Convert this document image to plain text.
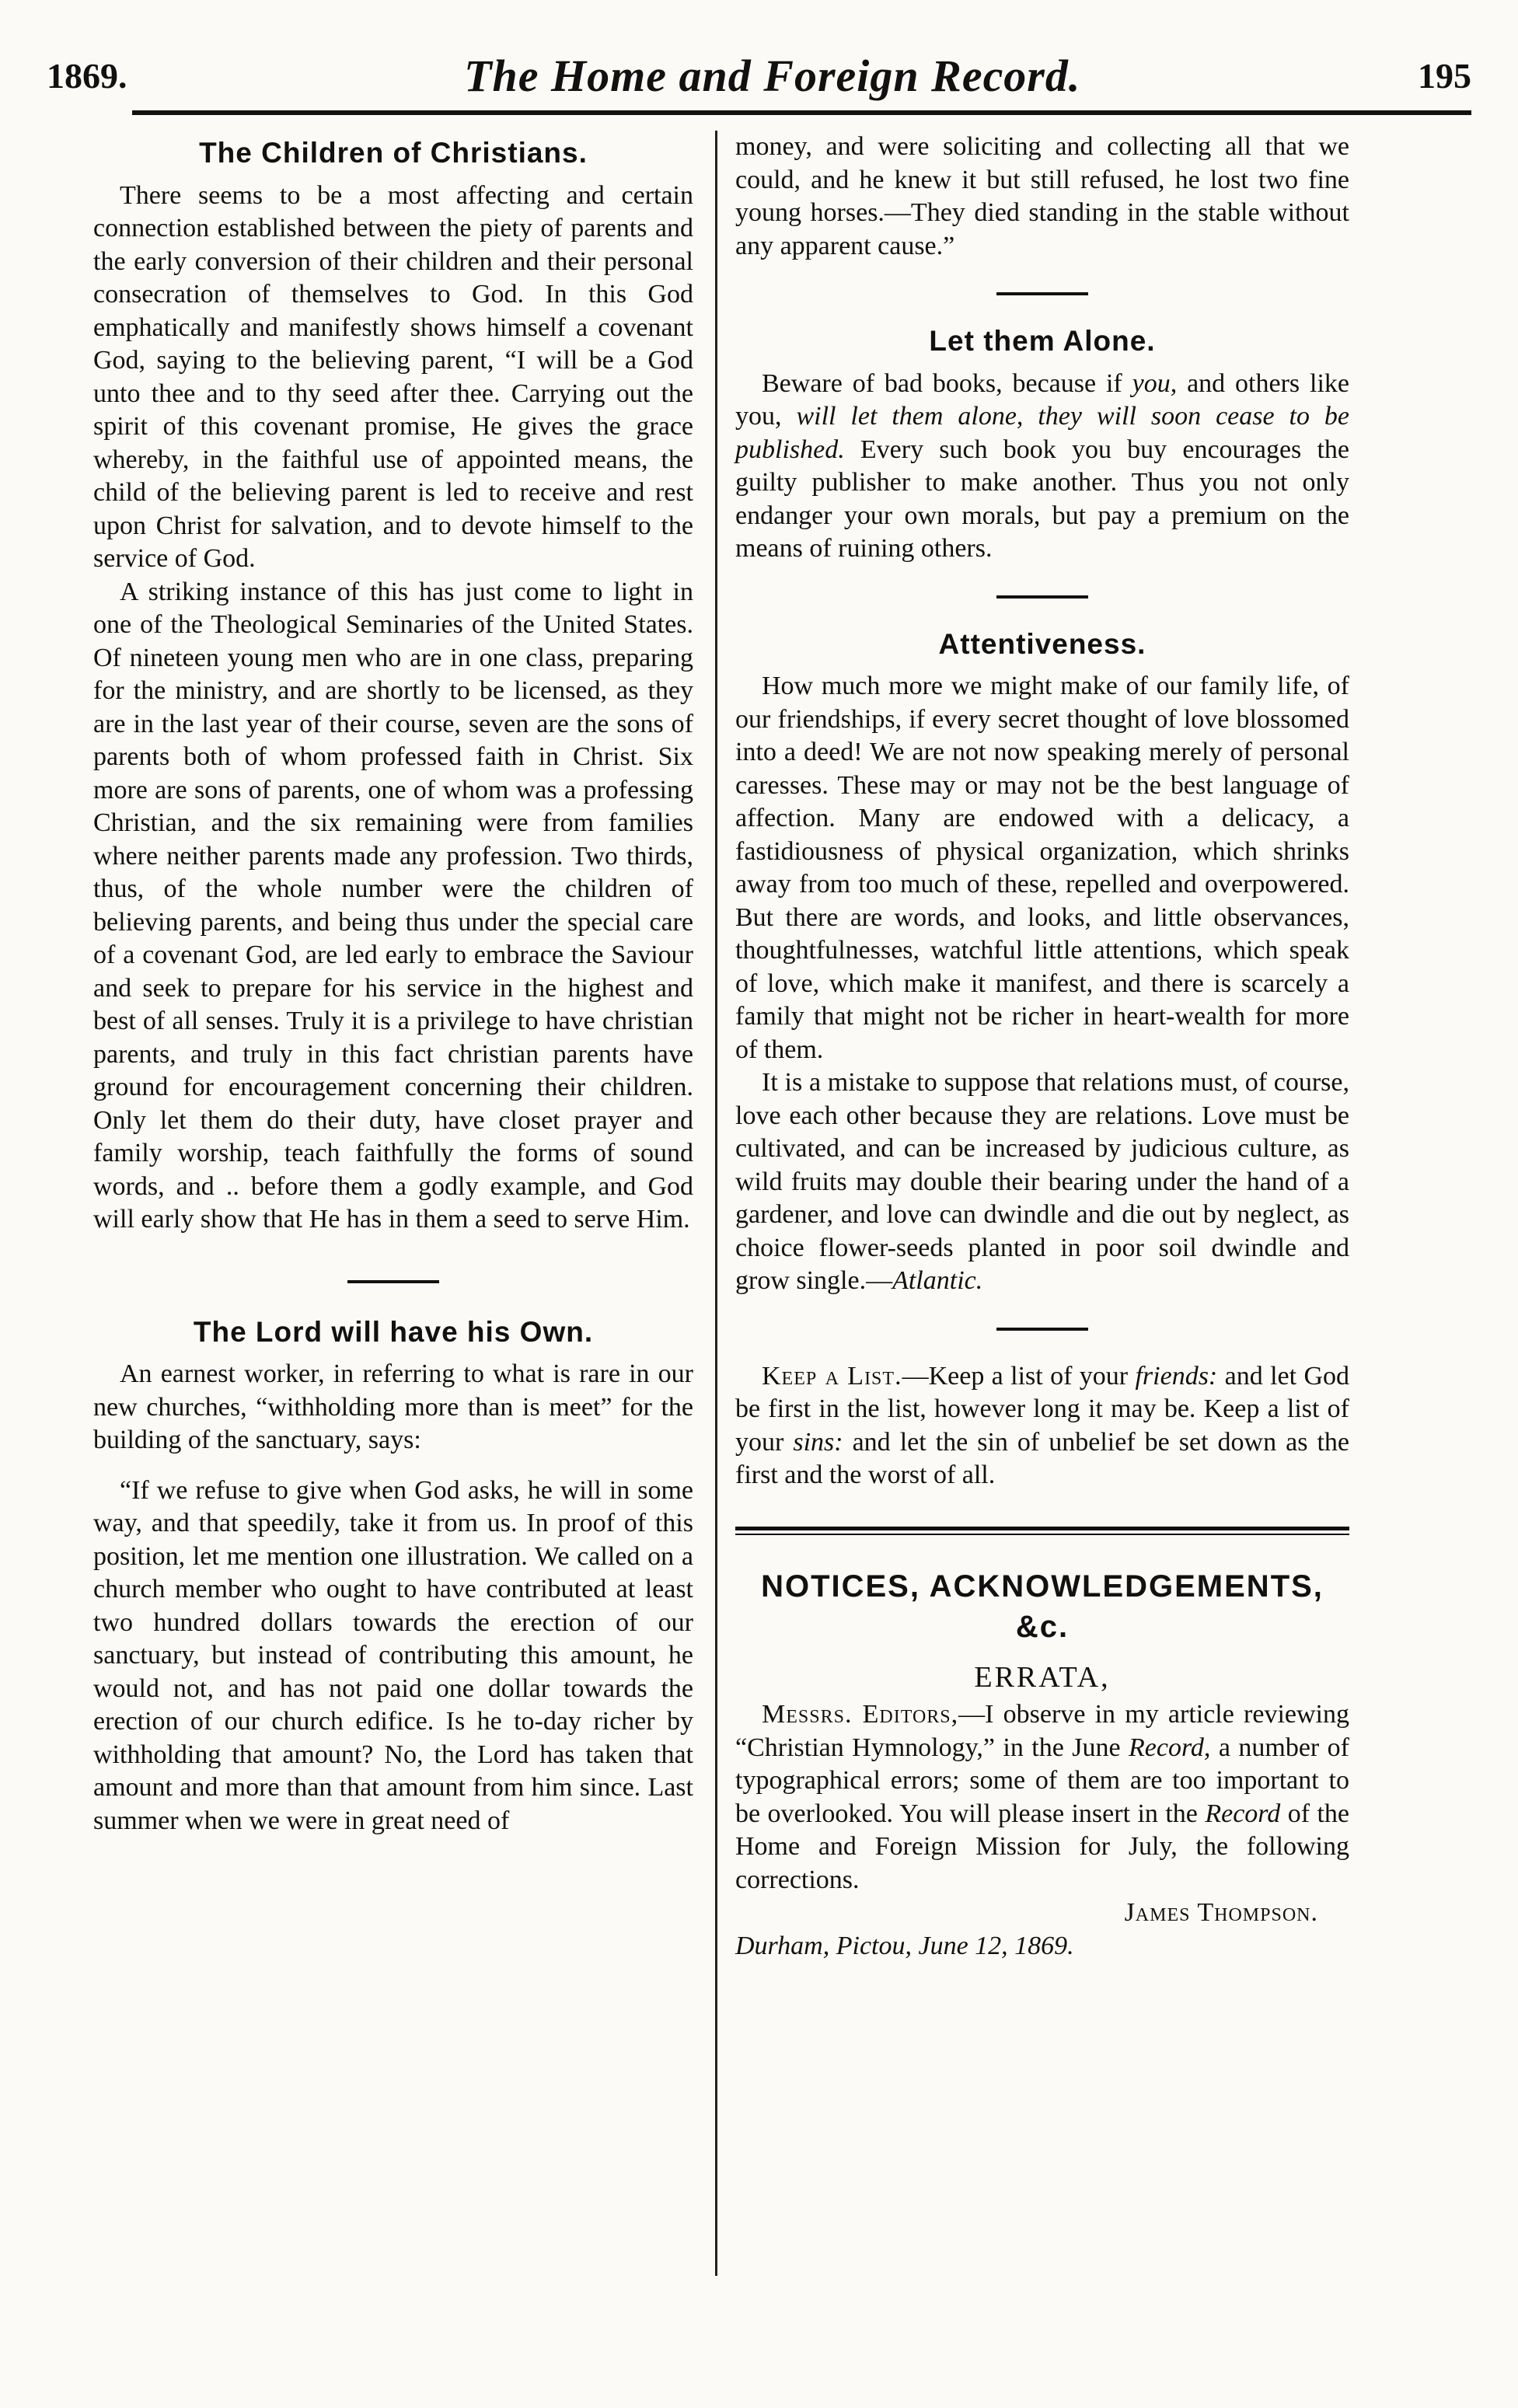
1869.	The Home and Foreign Record.	195
The Children of Christians.

There seems to be a most affecting and certain connection established between the piety of parents and the early conversion of their children and their personal consecration of themselves to God. In this God emphatically and manifestly shows himself a covenant God, saying to the believing parent, “I will be a God unto thee and to thy seed after thee. Carrying out the spirit of this covenant promise, He gives the grace whereby, in the faithful use of appointed means, the child of the believing parent is led to receive and rest upon Christ for salvation, and to devote himself to the service of God.

A striking instance of this has just come to light in one of the Theological Seminaries of the United States. Of nineteen young men who are in one class, preparing for the ministry, and are shortly to be licensed, as they are in the last year of their course, seven are the sons of parents both of whom professed faith in Christ. Six more are sons of parents, one of whom was a professing Christian, and the six remaining were from families where neither parents made any profession. Two thirds, thus, of the whole number were the children of believing parents, and being thus under the special care of a covenant God, are led early to embrace the Saviour and seek to prepare for his service in the highest and best of all senses. Truly it is a privilege to have christian parents, and truly in this fact christian parents have ground for encouragement concerning their children. Only let them do their duty, have closet prayer and family worship, teach faithfully the forms of sound words, and .. before them a godly example, and God will early show that He has in them a seed to serve Him.

The Lord will have his Own.

An earnest worker, in referring to what is rare in our new churches, “withholding more than is meet” for the building of the sanctuary, says:

“If we refuse to give when God asks, he will in some way, and that speedily, take it from us. In proof of this position, let me mention one illustration. We called on a church member who ought to have contributed at least two hundred dollars towards the erection of our sanctuary, but instead of contributing this amount, he would not, and has not paid one dollar towards the erection of our church edifice. Is he to-day richer by withholding that amount? No, the Lord has taken that amount and more than that amount from him since. Last summer when we were in great need of

money, and were soliciting and collecting all that we could, and he knew it but still refused, he lost two fine young horses.—They died standing in the stable without any apparent cause.”

Let them Alone.

Beware of bad books, because if you, and others like you, will let them alone, they will soon cease to be published. Every such book you buy encourages the guilty publisher to make another. Thus you not only endanger your own morals, but pay a premium on the means of ruining others.

Attentiveness.

How much more we might make of our family life, of our friendships, if every secret thought of love blossomed into a deed! We are not now speaking merely of personal caresses. These may or may not be the best language of affection. Many are endowed with a delicacy, a fastidiousness of physical organization, which shrinks away from too much of these, repelled and overpowered. But there are words, and looks, and little observances, thoughtfulnesses, watchful little attentions, which speak of love, which make it manifest, and there is scarcely a family that might not be richer in heart-wealth for more of them.

It is a mistake to suppose that relations must, of course, love each other because they are relations. Love must be cultivated, and can be increased by judicious culture, as wild fruits may double their bearing under the hand of a gardener, and love can dwindle and die out by neglect, as choice flower-seeds planted in poor soil dwindle and grow single.—Atlantic.

Keep a List.—Keep a list of your friends: and let God be first in the list, however long it may be. Keep a list of your sins: and let the sin of unbelief be set down as the first and the worst of all.

NOTICES, ACKNOWLEDGEMENTS, &c.
ERRATA,

Messrs. Editors,—I observe in my article reviewing “Christian Hymnology,” in the June Record, a number of typographical errors; some of them are too important to be overlooked. You will please insert in the Record of the Home and Foreign Mission for July, the following corrections.

James Thompson.
Durham, Pictou, June 12, 1869.
